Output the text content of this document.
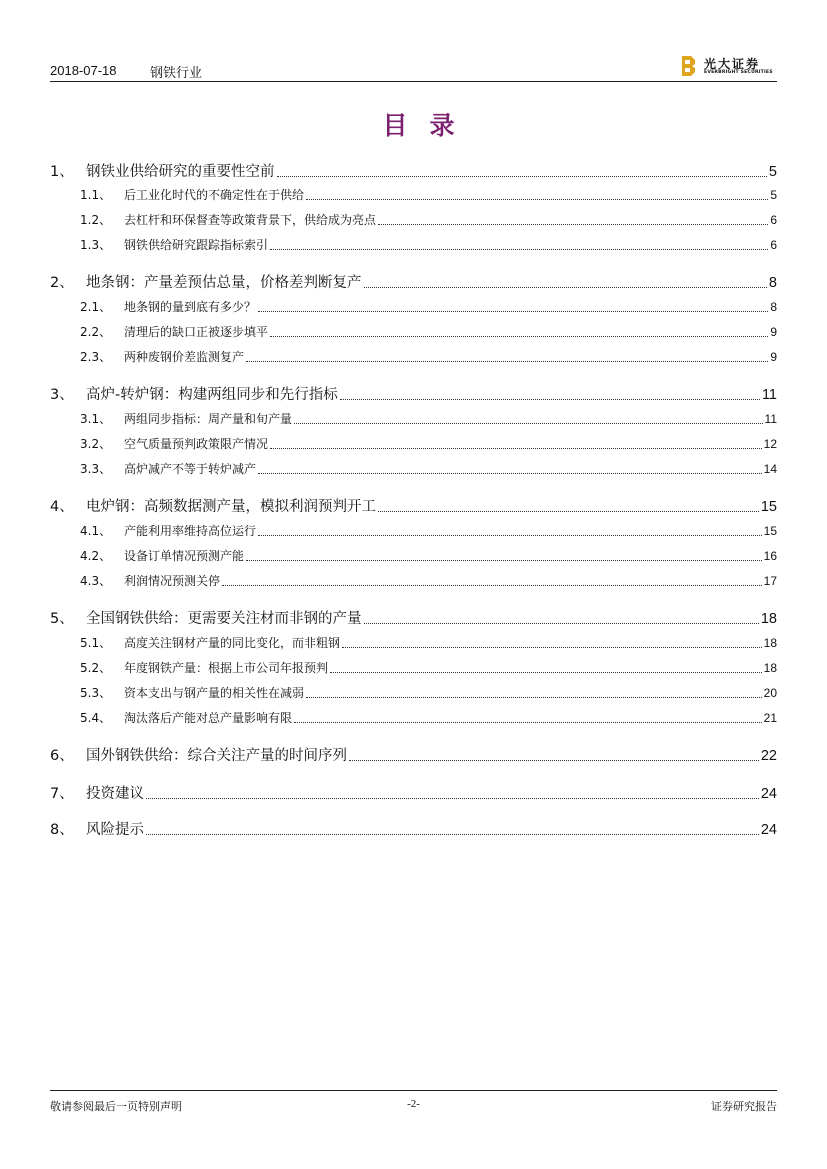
2018-07-18	钢铁行业
光大证券
EVERBRIGHT SECURITIES
目录
1、 钢铁业供给研究的重要性空前	5
1.1、	后工业化时代的不确定性在于供给	5
1.2、	去杠杆和环保督查等政策背景下，供给成为亮点	6
1.3、	钢铁供给研究跟踪指标索引	6
2、 地条钢：产量差预估总量，价格差判断复产	8
2.1、	地条钢的量到底有多少？	8
2.2、	清理后的缺口正被逐步填平	9
2.3、	两种废钢价差监测复产	9
3、 高炉-转炉钢：构建两组同步和先行指标	11
3.1、	两组同步指标：周产量和旬产量	11
3.2、	空气质量预判政策限产情况	12
3.3、	高炉减产不等于转炉减产	14
4、 电炉钢：高频数据测产量，模拟利润预判开工	15
4.1、	产能利用率维持高位运行	15
4.2、	设备订单情况预测产能	16
4.3、	利润情况预测关停	17
5、 全国钢铁供给：更需要关注材而非钢的产量	18
5.1、	高度关注钢材产量的同比变化，而非粗钢	18
5.2、	年度钢铁产量：根据上市公司年报预判	18
5.3、	资本支出与钢产量的相关性在减弱	20
5.4、	淘汰落后产能对总产量影响有限	21
6、 国外钢铁供给：综合关注产量的时间序列	22
7、 投资建议	24
8、 风险提示	24
敬请参阅最后一页特别声明	-2-	证券研究报告
